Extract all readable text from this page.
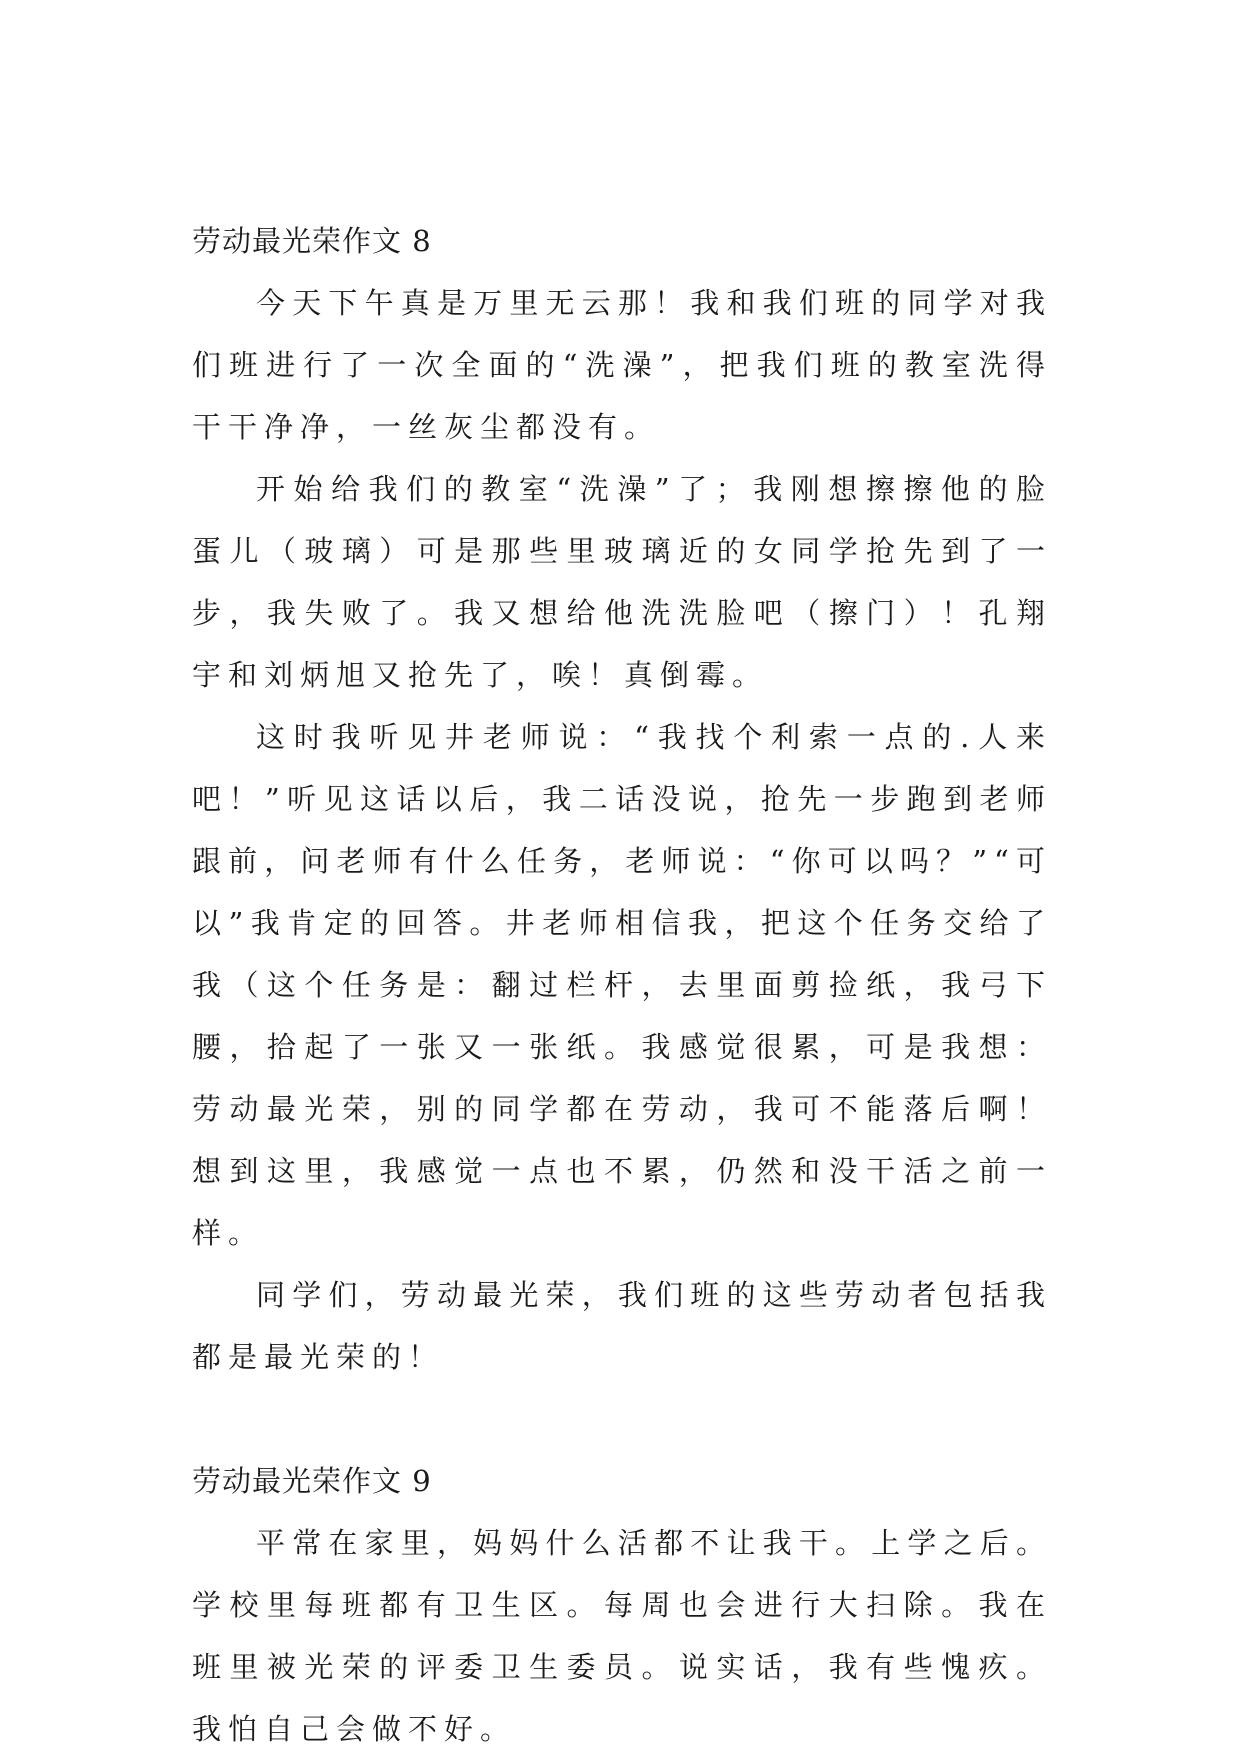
劳动最光荣作文 8

今天下午真是万里无云那！我和我们班的同学对我们班进行了一次全面的“洗澡”，把我们班的教室洗得干干净净，一丝灰尘都没有。

开始给我们的教室“洗澡”了；我刚想擦擦他的脸蛋儿（玻璃）可是那些里玻璃近的女同学抢先到了一步，我失败了。我又想给他洗洗脸吧（擦门）！孔翔宇和刘炳旭又抢先了，唉！真倒霉。

这时我听见井老师说：“我找个利索一点的.人来吧！”听见这话以后，我二话没说，抢先一步跑到老师跟前，问老师有什么任务，老师说：“你可以吗？”“可以”我肯定的回答。井老师相信我，把这个任务交给了我（这个任务是：翻过栏杆，去里面剪捡纸，我弓下腰，拾起了一张又一张纸。我感觉很累，可是我想：劳动最光荣，别的同学都在劳动，我可不能落后啊！想到这里，我感觉一点也不累，仍然和没干活之前一样。

同学们，劳动最光荣，我们班的这些劳动者包括我都是最光荣的！

劳动最光荣作文 9

平常在家里，妈妈什么活都不让我干。上学之后。学校里每班都有卫生区。每周也会进行大扫除。我在班里被光荣的评委卫生委员。说实话，我有些愧疚。我怕自己会做不好。
